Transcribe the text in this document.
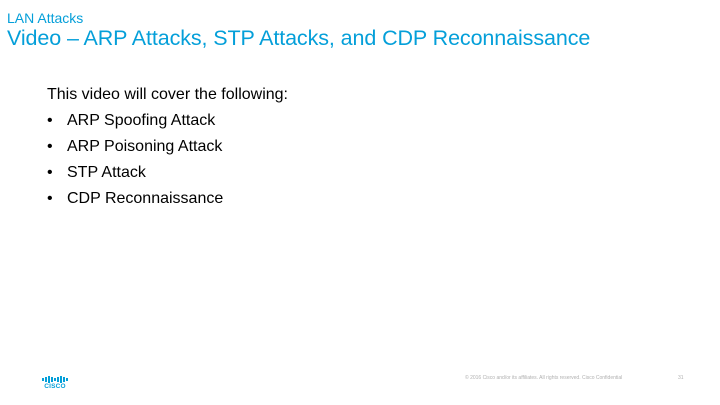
LAN Attacks
Video – ARP Attacks, STP Attacks, and CDP Reconnaissance
This video will cover the following:
• ARP Spoofing Attack
• ARP Poisoning Attack
• STP Attack
• CDP Reconnaissance
CISCO
© 2016 Cisco and/or its affiliates. All rights reserved. Cisco Confidential	31
